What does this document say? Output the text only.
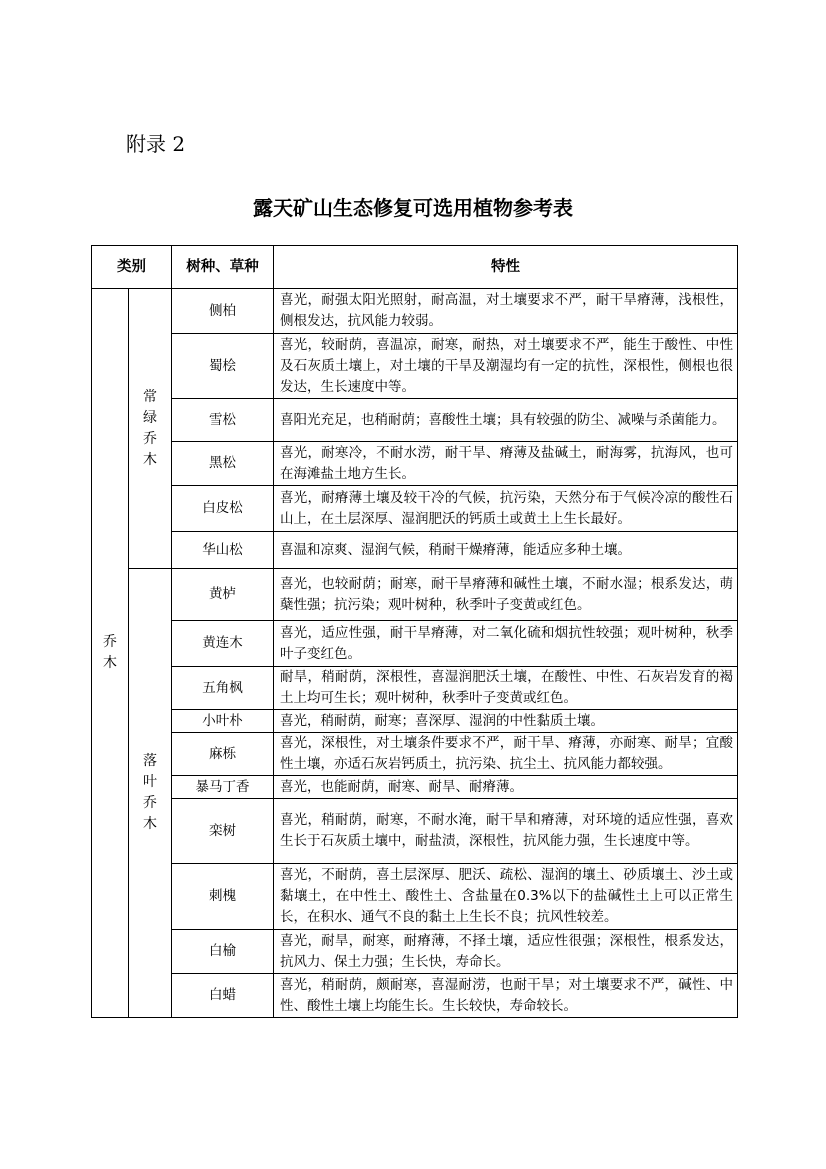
附录 2
露天矿山生态修复可选用植物参考表
类别		树种、草种	特性
乔木	常绿乔木	侧柏	喜光，耐强太阳光照射，耐高温，对土壤要求不严，耐干旱瘠薄，浅根性，侧根发达，抗风能力较弱。
		蜀桧	喜光，较耐荫，喜温凉，耐寒，耐热，对土壤要求不严，能生于酸性、中性及石灰质土壤上，对土壤的干旱及潮湿均有一定的抗性，深根性，侧根也很发达，生长速度中等。
		雪松	喜阳光充足，也稍耐荫；喜酸性土壤；具有较强的防尘、减噪与杀菌能力。
		黑松	喜光，耐寒冷，不耐水涝，耐干旱、瘠薄及盐碱土，耐海雾，抗海风，也可在海滩盐土地方生长。
		白皮松	喜光，耐瘠薄土壤及较干冷的气候，抗污染，天然分布于气候冷凉的酸性石山上，在土层深厚、湿润肥沃的钙质土或黄土上生长最好。
		华山松	喜温和凉爽、湿润气候，稍耐干燥瘠薄，能适应多种土壤。
	落叶乔木	黄栌	喜光，也较耐荫；耐寒，耐干旱瘠薄和碱性土壤，不耐水湿；根系发达，萌蘖性强；抗污染；观叶树种，秋季叶子变黄或红色。
		黄连木	喜光，适应性强，耐干旱瘠薄，对二氧化硫和烟抗性较强；观叶树种，秋季叶子变红色。
		五角枫	耐旱，稍耐荫，深根性，喜湿润肥沃土壤，在酸性、中性、石灰岩发育的褐土上均可生长；观叶树种，秋季叶子变黄或红色。
		小叶朴	喜光，稍耐荫，耐寒；喜深厚、湿润的中性黏质土壤。
		麻栎	喜光，深根性，对土壤条件要求不严，耐干旱、瘠薄，亦耐寒、耐旱；宜酸性土壤，亦适石灰岩钙质土，抗污染、抗尘土、抗风能力都较强。
		暴马丁香	喜光，也能耐荫，耐寒、耐旱、耐瘠薄。
		栾树	喜光，稍耐荫，耐寒，不耐水淹，耐干旱和瘠薄，对环境的适应性强，喜欢生长于石灰质土壤中，耐盐渍，深根性，抗风能力强，生长速度中等。
		刺槐	喜光，不耐荫，喜土层深厚、肥沃、疏松、湿润的壤土、砂质壤土、沙土或黏壤土，在中性土、酸性土、含盐量在0.3%以下的盐碱性土上可以正常生长，在积水、通气不良的黏土上生长不良；抗风性较差。
		白榆	喜光，耐旱，耐寒，耐瘠薄，不择土壤，适应性很强；深根性，根系发达，抗风力、保土力强；生长快，寿命长。
		白蜡	喜光，稍耐荫，颇耐寒，喜湿耐涝，也耐干旱；对土壤要求不严，碱性、中性、酸性土壤上均能生长。生长较快，寿命较长。
